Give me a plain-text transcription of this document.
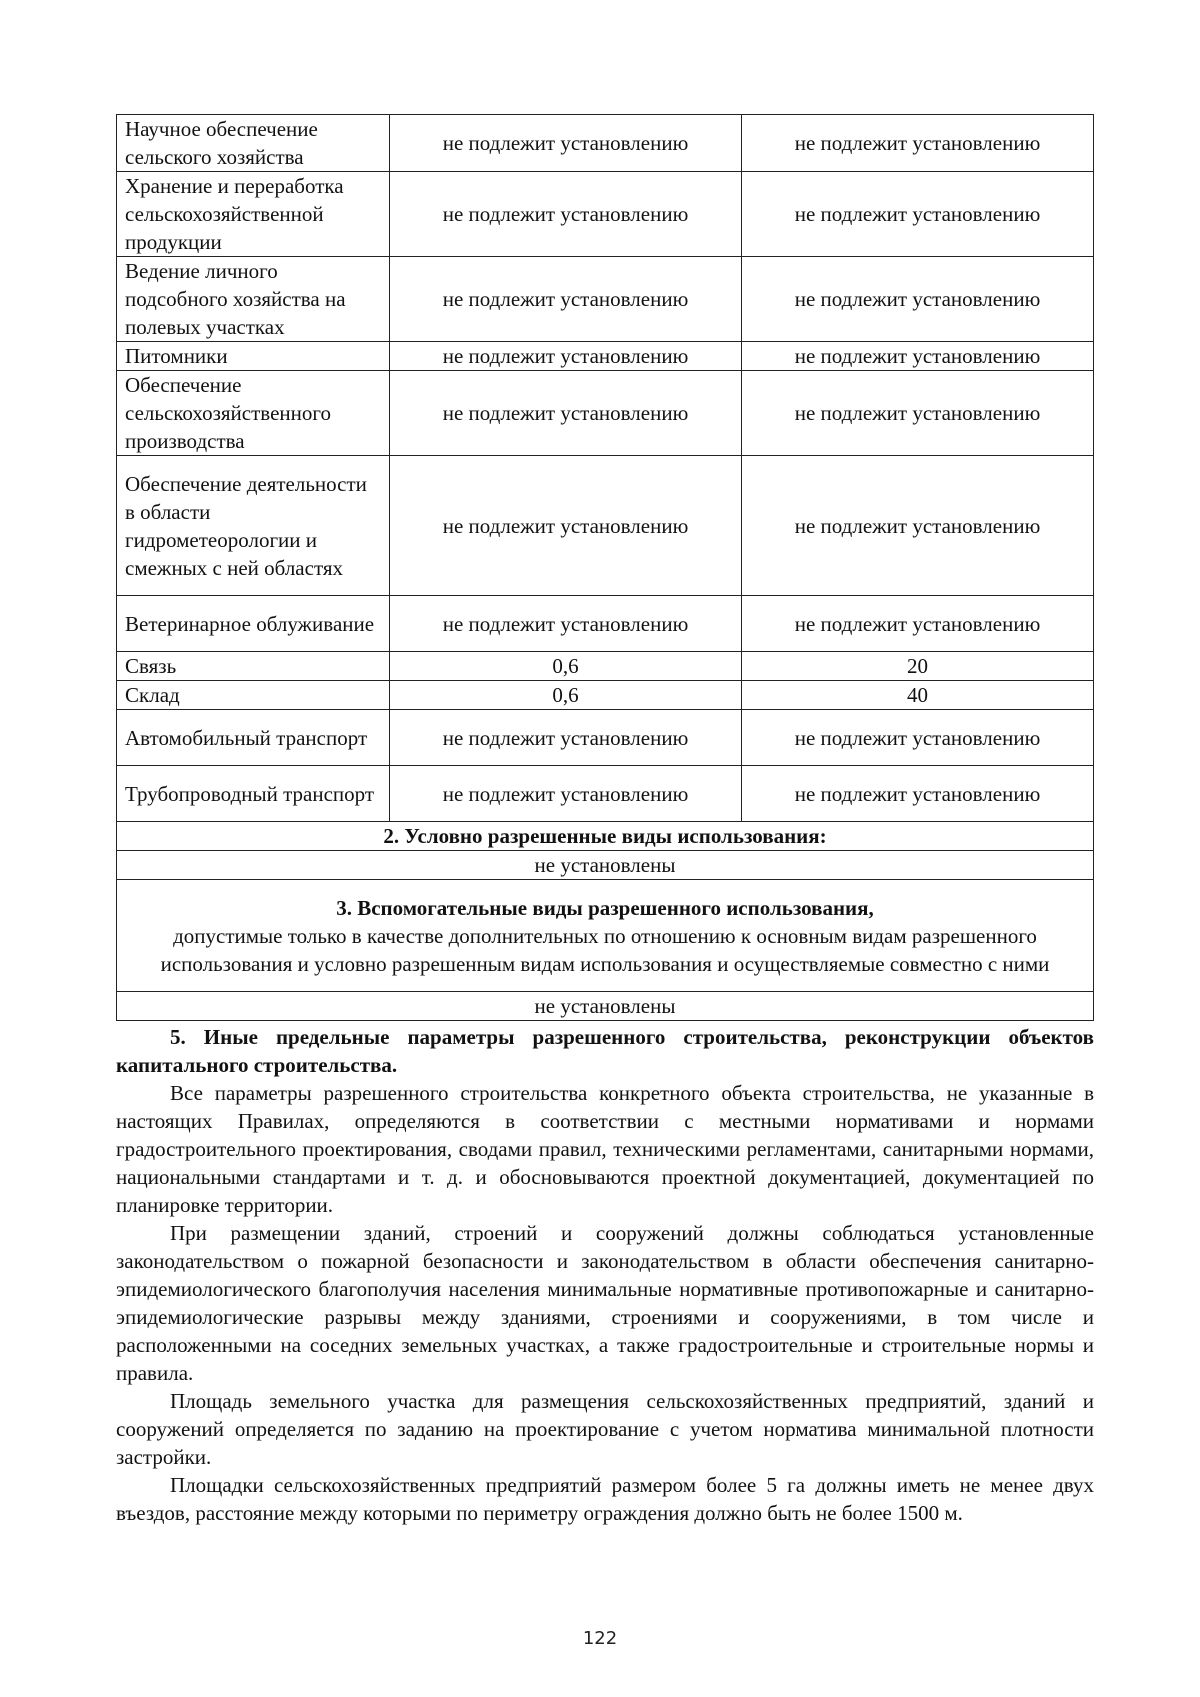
Научное обеспечение сельского хозяйства	не подлежит установлению	не подлежит установлению
Хранение и переработка сельскохозяйственной продукции	не подлежит установлению	не подлежит установлению
Ведение личного подсобного хозяйства на полевых участках	не подлежит установлению	не подлежит установлению
Питомники	не подлежит установлению	не подлежит установлению
Обеспечение сельскохозяйственного производства	не подлежит установлению	не подлежит установлению
Обеспечение деятельности в области гидрометеорологии и смежных с ней областях	не подлежит установлению	не подлежит установлению
Ветеринарное облуживание	не подлежит установлению	не подлежит установлению
Связь	0,6	20
Склад	0,6	40
Автомобильный транспорт	не подлежит установлению	не подлежит установлению
Трубопроводный транспорт	не подлежит установлению	не подлежит установлению
2. Условно разрешенные виды использования:		
не установлены		

3. Вспомогательные виды разрешенного использования,
допустимые только в качестве дополнительных по отношению к основным видам разрешенного использования и условно разрешенным видам использования и осуществляемые совместно с ними		

не установлены		

5. Иные предельные параметры разрешенного строительства, реконструкции объектов капитального строительства.

Все параметры разрешенного строительства конкретного объекта строительства, не указанные в настоящих Правилах, определяются в соответствии с местными нормативами и нормами градостроительного проектирования, сводами правил, техническими регламентами, санитарными нормами, национальными стандартами и т. д. и обосновываются проектной документацией, документацией по планировке территории.

При размещении зданий, строений и сооружений должны соблюдаться установленные законодательством о пожарной безопасности и законодательством в области обеспечения санитарно-эпидемиологического благополучия населения минимальные нормативные противопожарные и санитарно-эпидемиологические разрывы между зданиями, строениями и сооружениями, в том числе и расположенными на соседних земельных участках, а также градостроительные и строительные нормы и правила.

Площадь земельного участка для размещения сельскохозяйственных предприятий, зданий и сооружений определяется по заданию на проектирование с учетом норматива минимальной плотности застройки.

Площадки сельскохозяйственных предприятий размером более 5 га должны иметь не менее двух въездов, расстояние между которыми по периметру ограждения должно быть не более 1500 м.

122
